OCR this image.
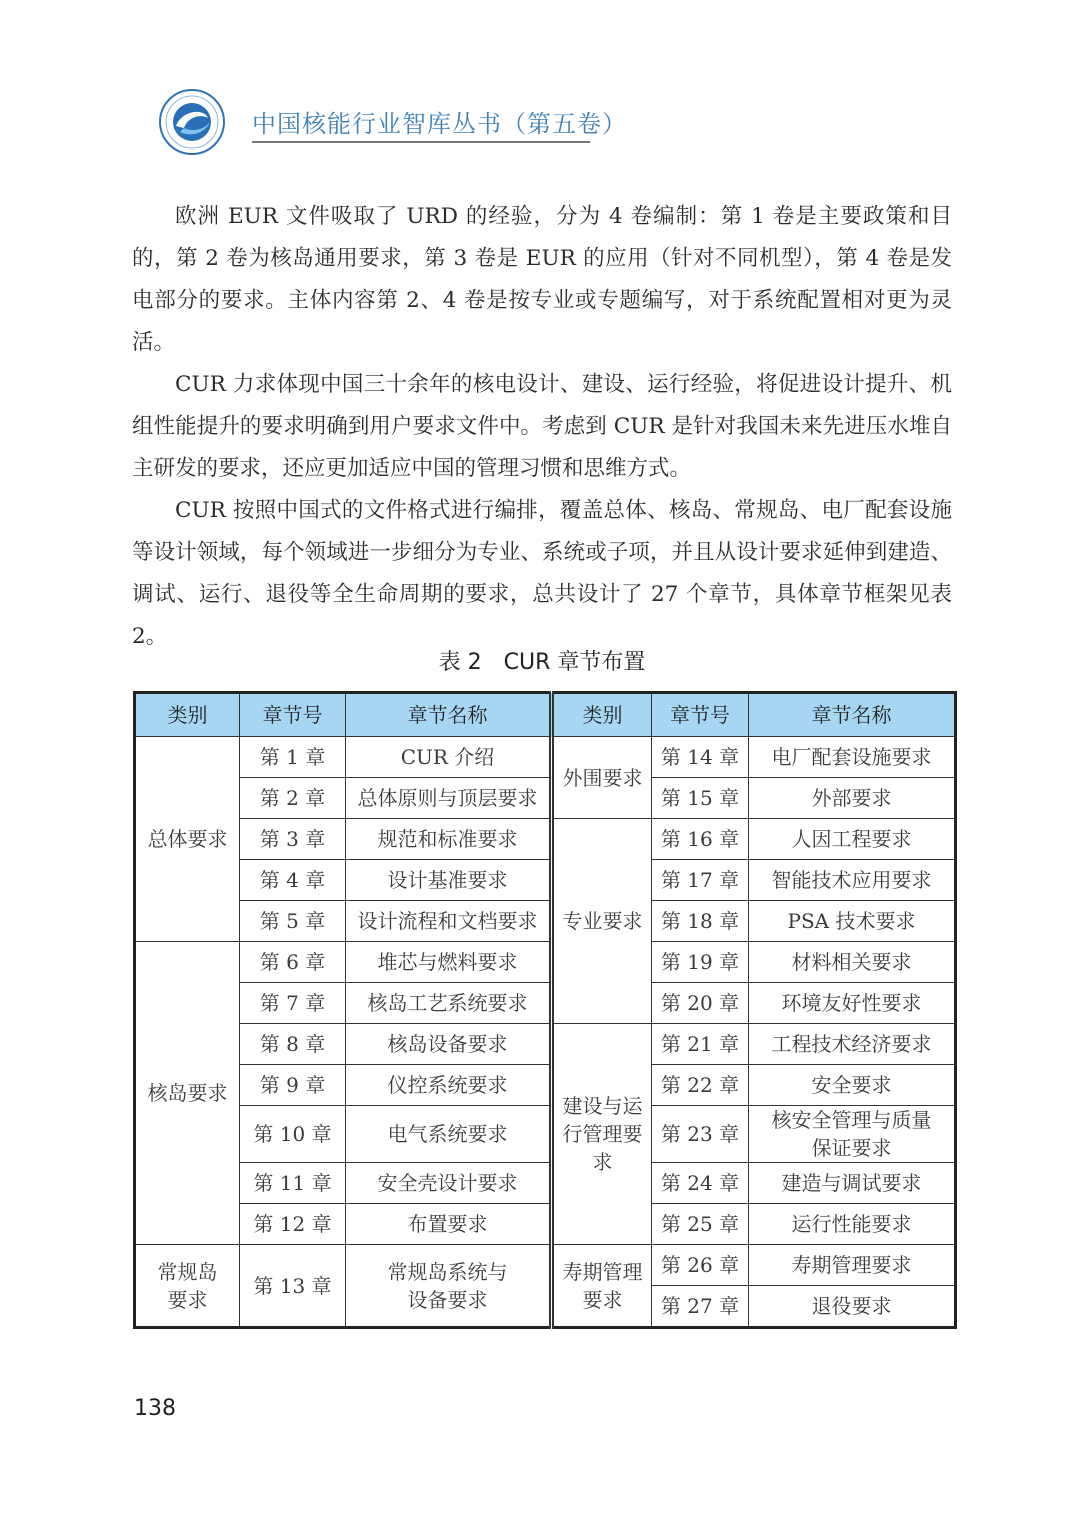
中国核能行业智库丛书（第五卷）

欧洲 EUR 文件吸取了 URD 的经验，分为 4 卷编制：第 1 卷是主要政策和目的，第 2 卷为核岛通用要求，第 3 卷是 EUR 的应用（针对不同机型），第 4 卷是发电部分的要求。主体内容第 2、4 卷是按专业或专题编写，对于系统配置相对更为灵活。

CUR 力求体现中国三十余年的核电设计、建设、运行经验，将促进设计提升、机组性能提升的要求明确到用户要求文件中。考虑到 CUR 是针对我国未来先进压水堆自主研发的要求，还应更加适应中国的管理习惯和思维方式。

CUR 按照中国式的文件格式进行编排，覆盖总体、核岛、常规岛、电厂配套设施等设计领域，每个领域进一步细分为专业、系统或子项，并且从设计要求延伸到建造、调试、运行、退役等全生命周期的要求，总共设计了 27 个章节，具体章节框架见表 2。

表 2　CUR 章节布置
类别	章节号	章节名称	类别	章节号	章节名称
总体要求	第 1 章	CUR 介绍	外围要求	第 14 章	电厂配套设施要求
	第 2 章	总体原则与顶层要求		第 15 章	外部要求
	第 3 章	规范和标准要求	专业要求	第 16 章	人因工程要求
	第 4 章	设计基准要求		第 17 章	智能技术应用要求
	第 5 章	设计流程和文档要求		第 18 章	PSA 技术要求
核岛要求	第 6 章	堆芯与燃料要求		第 19 章	材料相关要求
	第 7 章	核岛工艺系统要求		第 20 章	环境友好性要求
	第 8 章	核岛设备要求	建设与运行管理要求	第 21 章	工程技术经济要求
	第 9 章	仪控系统要求		第 22 章	安全要求
	第 10 章	电气系统要求		第 23 章	核安全管理与质量保证要求
	第 11 章	安全壳设计要求		第 24 章	建造与调试要求
	第 12 章	布置要求		第 25 章	运行性能要求
常规岛要求	第 13 章	常规岛系统与设备要求	寿期管理要求	第 26 章	寿期管理要求
				第 27 章	退役要求
138
